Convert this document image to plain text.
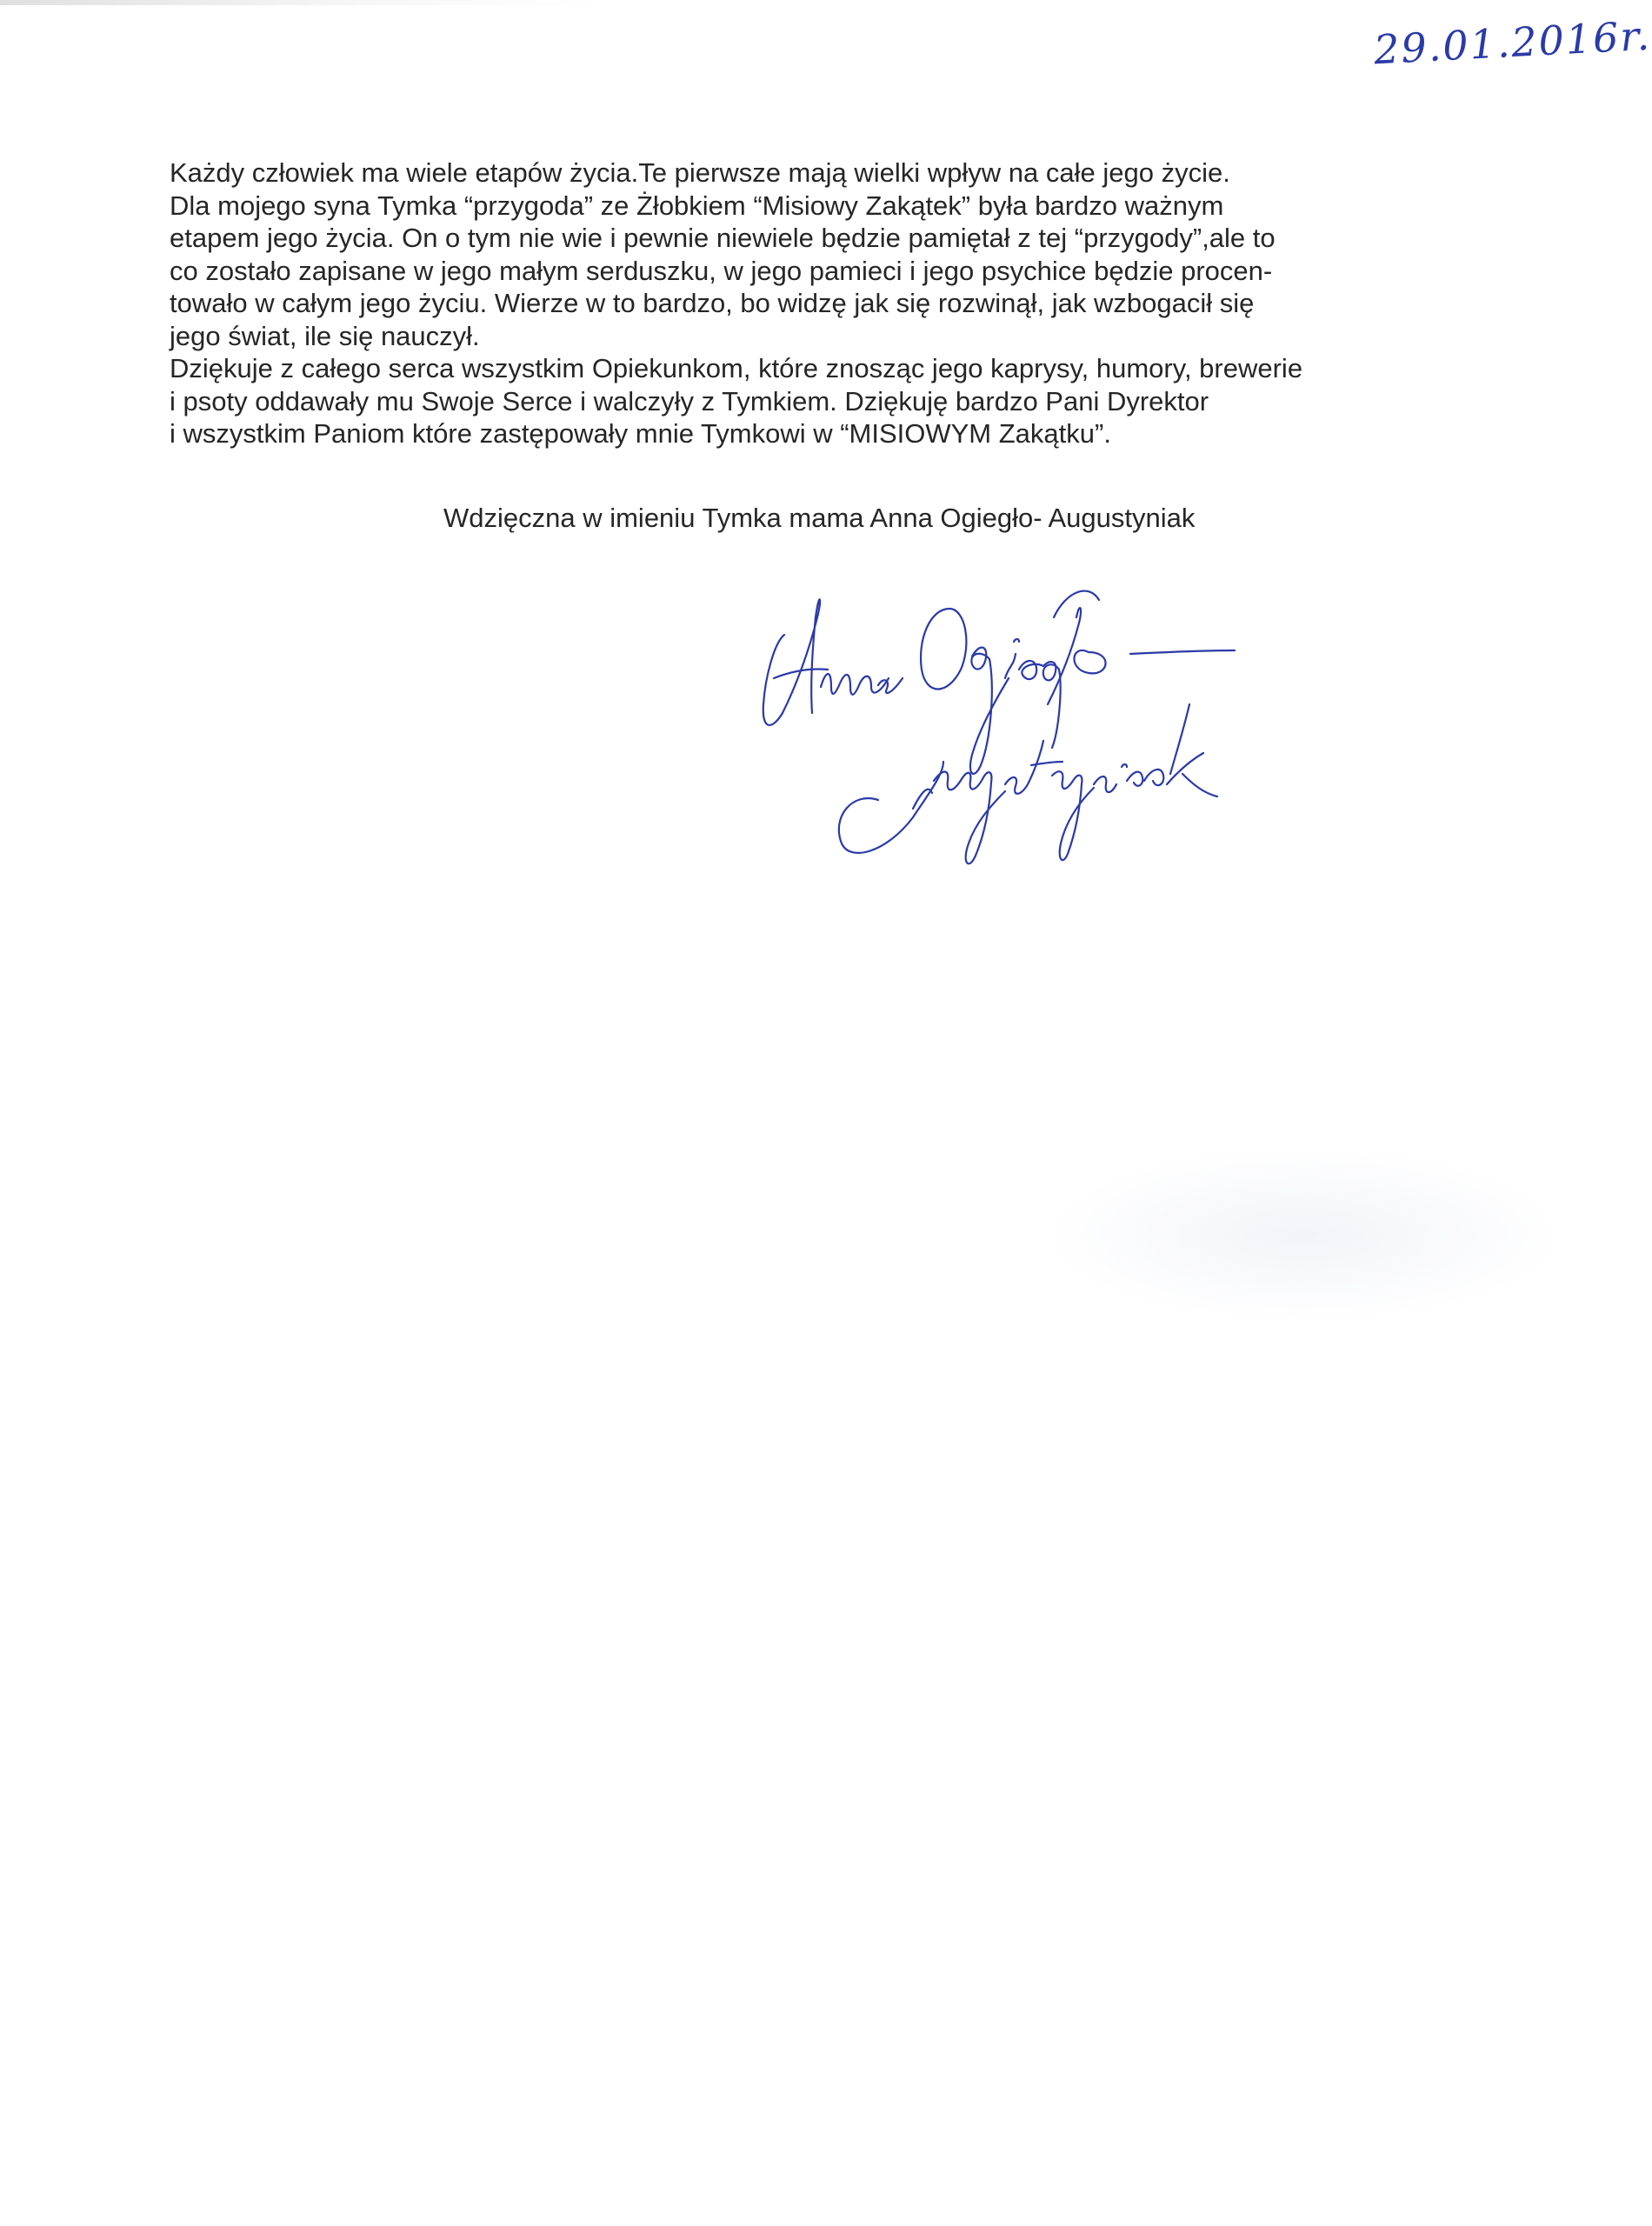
29.01.2016r.
Każdy człowiek ma wiele etapów życia.Te pierwsze mają wielki wpływ na całe jego życie.
Dla mojego syna Tymka “przygoda” ze Żłobkiem “Misiowy Zakątek” była bardzo ważnym
etapem jego życia. On o tym nie wie i pewnie niewiele będzie pamiętał z tej “przygody”,ale to
co zostało zapisane w jego małym serduszku, w jego pamieci i jego psychice będzie procen-
towało w całym jego życiu. Wierze w to bardzo, bo widzę jak się rozwinął, jak wzbogacił się
jego świat, ile się nauczył.
Dziękuje z całego serca wszystkim Opiekunkom, które znosząc jego kaprysy, humory, brewerie
i psoty oddawały mu Swoje Serce i walczyły z Tymkiem. Dziękuję bardzo Pani Dyrektor
i wszystkim Paniom które zastępowały mnie Tymkowi w “MISIOWYM Zakątku”.
Wdzięczna w imieniu Tymka mama Anna Ogiegło- Augustyniak
